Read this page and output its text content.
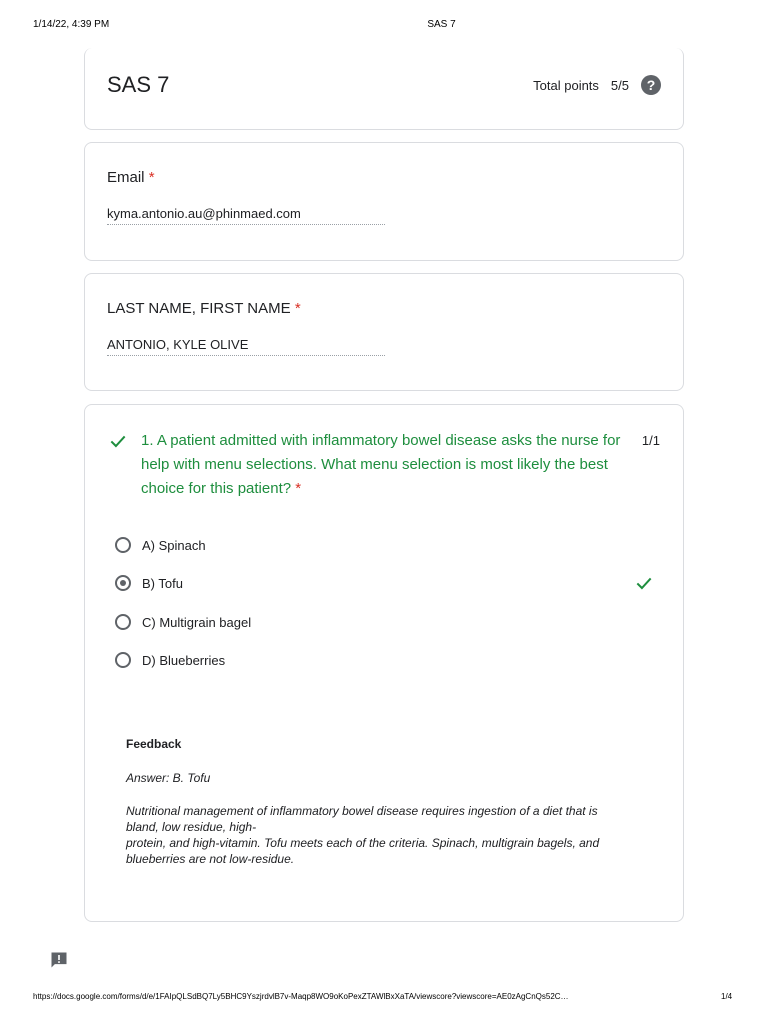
1/14/22, 4:39 PM	SAS 7
SAS 7	Total points 5/5	?
Email *
kyma.antonio.au@phinmaed.com
LAST NAME, FIRST NAME *
ANTONIO, KYLE OLIVE
1. A patient admitted with inflammatory bowel disease asks the nurse for help with menu selections. What menu selection is most likely the best choice for this patient? *
1/1
A) Spinach
B) Tofu
C) Multigrain bagel
D) Blueberries
Feedback
Answer: B. Tofu
Nutritional management of inflammatory bowel disease requires ingestion of a diet that is
bland, low residue, high-
protein, and high-vitamin. Tofu meets each of the criteria. Spinach, multigrain bagels, and
blueberries are not low-residue.
https://docs.google.com/forms/d/e/1FAIpQLSdBQ7Ly5BHC9YszjrdvlB7v-Maqp8WO9oKoPexZTAWlBxXaTA/viewscore?viewscore=AE0zAgCnQs52C…	1/4
